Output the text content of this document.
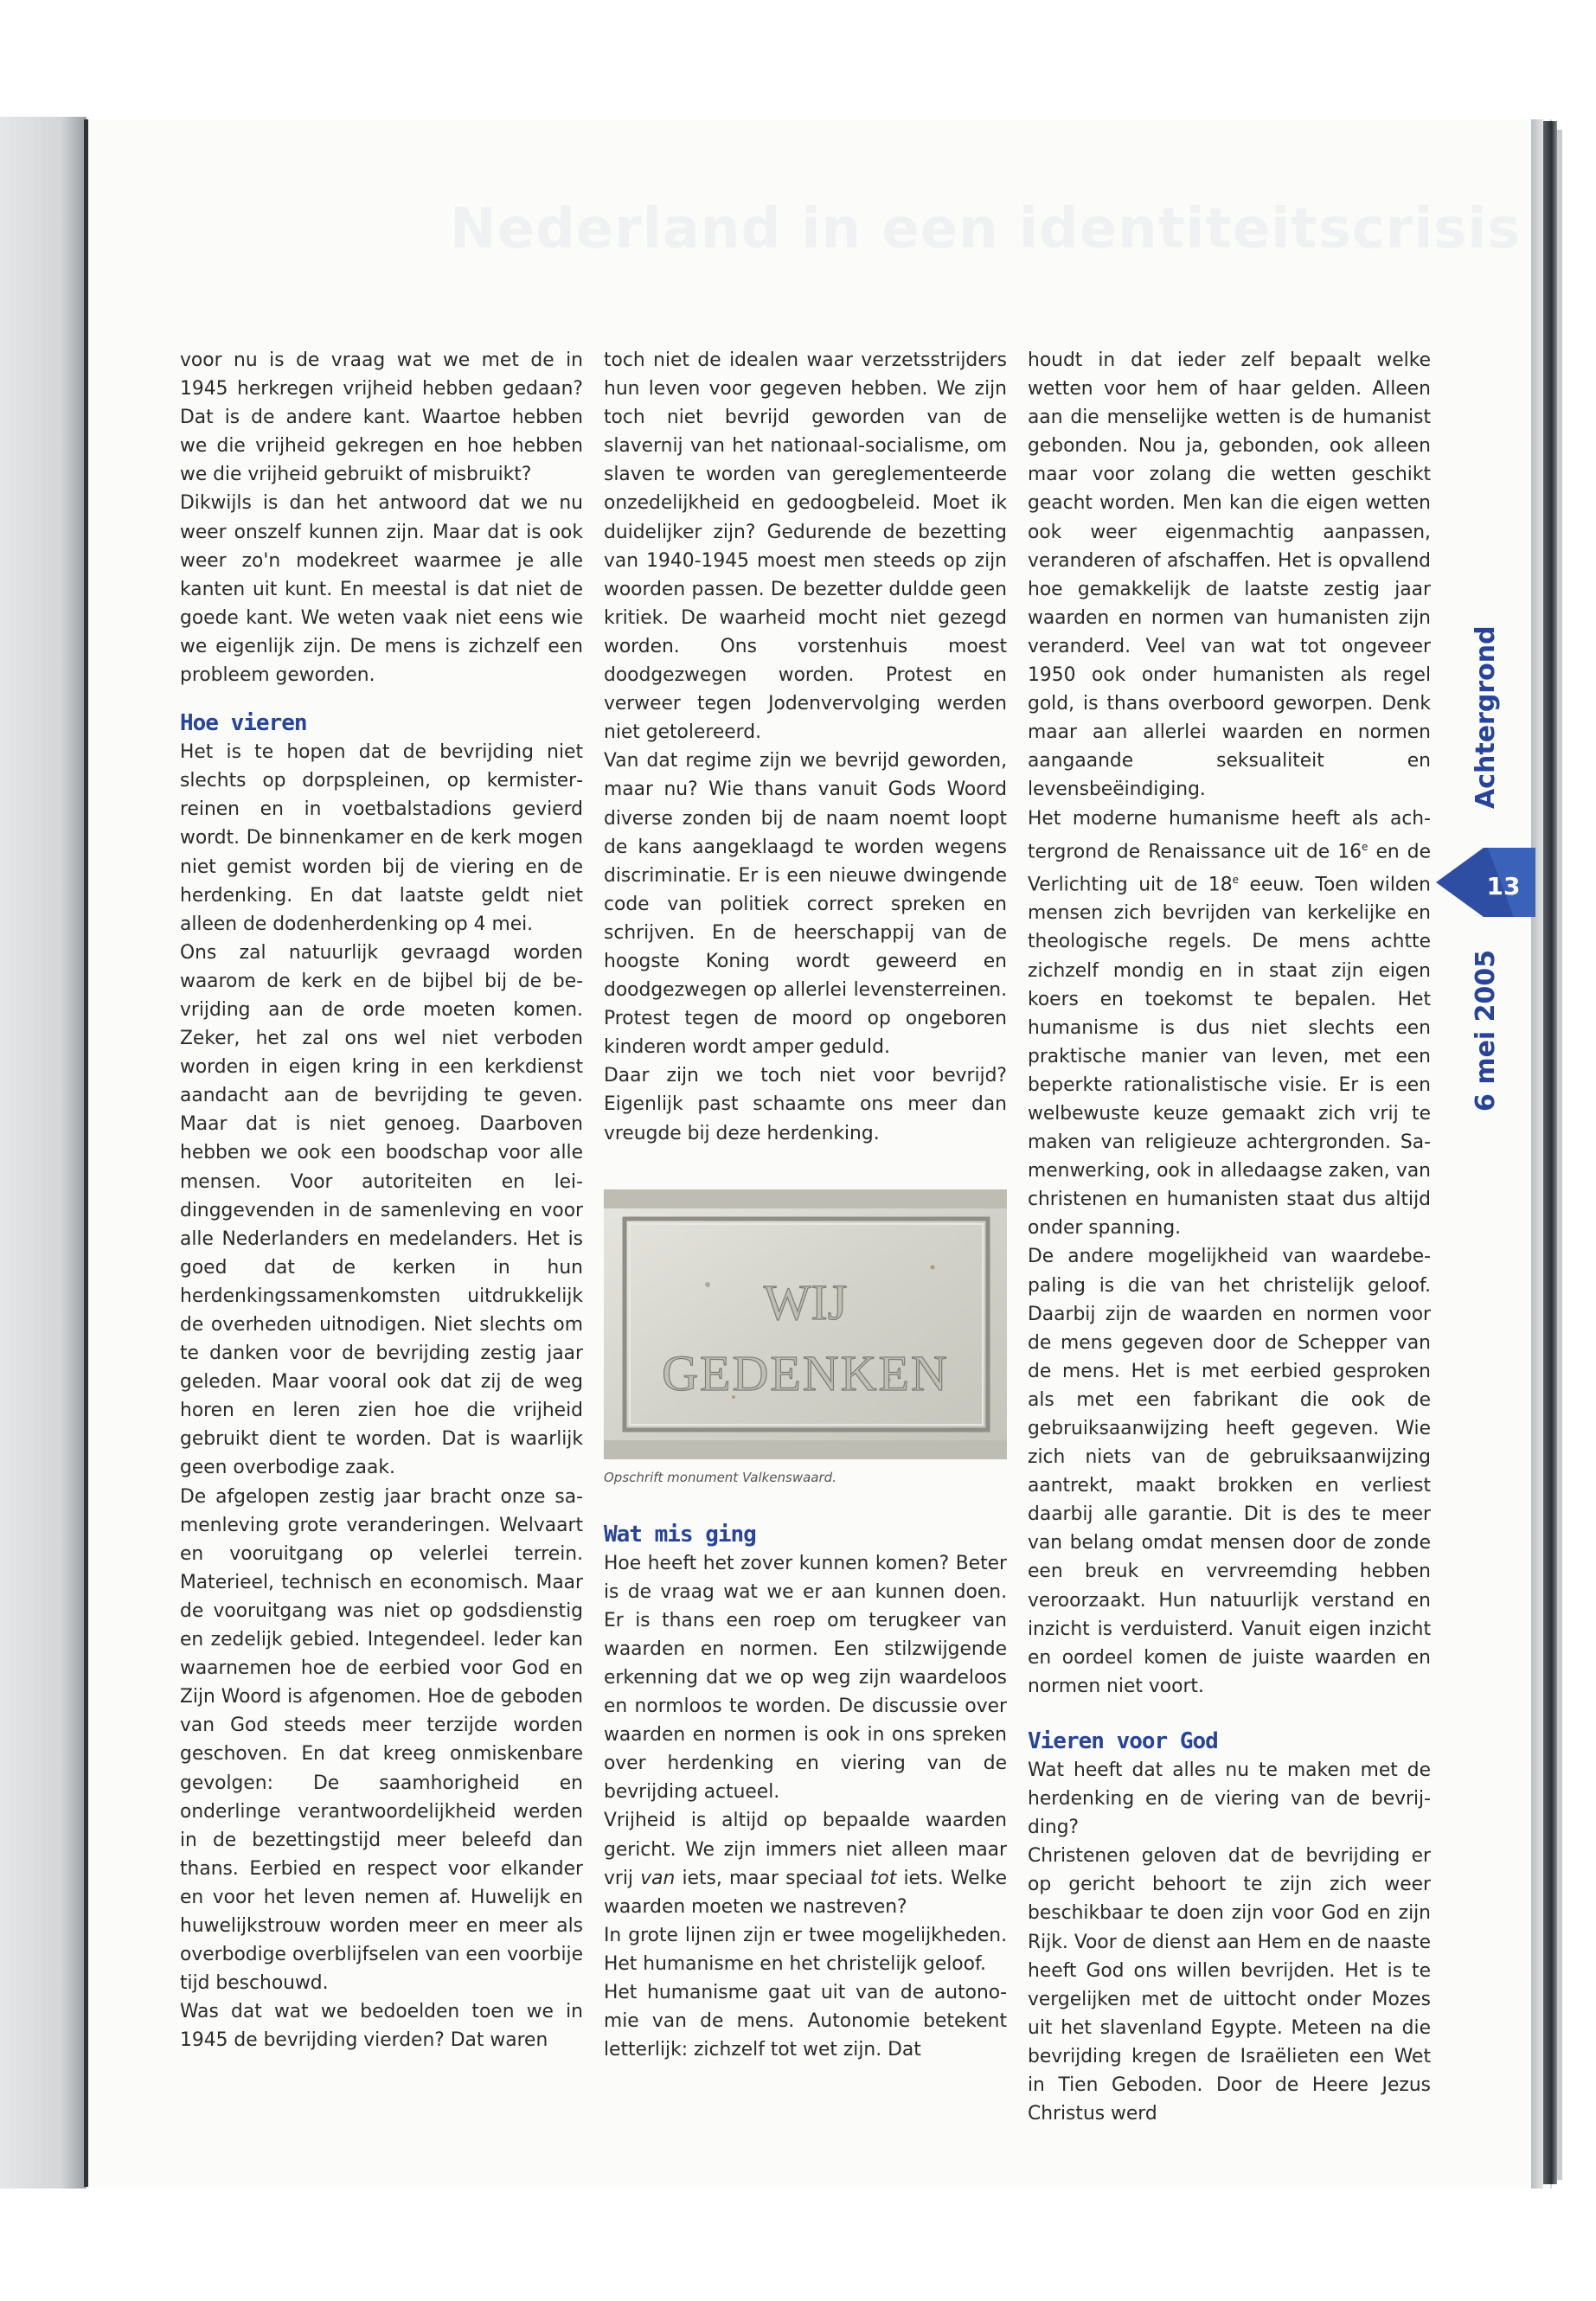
Nederland in een identiteitscrisis

voor nu is de vraag wat we met de in 1945 herkregen vrijheid hebben gedaan? Dat is de andere kant. Waartoe hebben we die vrijheid gekregen en hoe hebben we die vrijheid gebruikt of misbruikt?

Dikwijls is dan het antwoord dat we nu weer onszelf kunnen zijn. Maar dat is ook weer zo'n modekreet waarmee je alle kanten uit kunt. En meestal is dat niet de goede kant. We weten vaak niet eens wie we eigenlijk zijn. De mens is zichzelf een probleem geworden.

Hoe vieren

Het is te hopen dat de bevrijding niet slechts op dorpspleinen, op kermisterreinen en in voetbalstadions gevierd wordt. De binnenkamer en de kerk mogen niet gemist worden bij de viering en de herdenking. En dat laatste geldt niet alleen de dodenherdenking op 4 mei.

Ons zal natuurlijk gevraagd worden waarom de kerk en de bijbel bij de bevrijding aan de orde moeten komen. Zeker, het zal ons wel niet verboden worden in eigen kring in een kerkdienst aandacht aan de bevrijding te geven. Maar dat is niet genoeg. Daarboven hebben we ook een boodschap voor alle mensen. Voor autoriteiten en leidinggevenden in de samenleving en voor alle Nederlanders en medelanders. Het is goed dat de kerken in hun herdenkingssamenkomsten uitdrukkelijk de overheden uitnodigen. Niet slechts om te danken voor de bevrijding zestig jaar geleden. Maar vooral ook dat zij de weg horen en leren zien hoe die vrijheid gebruikt dient te worden. Dat is waarlijk geen overbodige zaak.

De afgelopen zestig jaar bracht onze samenleving grote veranderingen. Welvaart en vooruitgang op velerlei terrein. Materieel, technisch en economisch. Maar de vooruitgang was niet op godsdienstig en zedelijk gebied. Integendeel. Ieder kan waarnemen hoe de eerbied voor God en Zijn Woord is afgenomen. Hoe de geboden van God steeds meer terzijde worden geschoven. En dat kreeg onmiskenbare gevolgen: De saamhorigheid en onderlinge verantwoordelijkheid werden in de bezettingstijd meer beleefd dan thans. Eerbied en respect voor elkander en voor het leven nemen af. Huwelijk en huwelijkstrouw worden meer en meer als overbodige overblijfselen van een voorbije tijd beschouwd.

Was dat wat we bedoelden toen we in 1945 de bevrijding vierden? Dat waren

toch niet de idealen waar verzetsstrijders hun leven voor gegeven hebben. We zijn toch niet bevrijd geworden van de slavernij van het nationaal-socialisme, om slaven te worden van gereglementeerde onzedelijkheid en gedoogbeleid. Moet ik duidelijker zijn? Gedurende de bezetting van 1940-1945 moest men steeds op zijn woorden passen. De bezetter duldde geen kritiek. De waarheid mocht niet gezegd worden. Ons vorstenhuis moest doodgezwegen worden. Protest en verweer tegen Jodenvervolging werden niet getolereerd.

Van dat regime zijn we bevrijd geworden, maar nu? Wie thans vanuit Gods Woord diverse zonden bij de naam noemt loopt de kans aangeklaagd te worden wegens discriminatie. Er is een nieuwe dwingende code van politiek correct spreken en schrijven. En de heerschappij van de hoogste Koning wordt geweerd en doodgezwegen op allerlei levensterreinen. Protest tegen de moord op ongeboren kinderen wordt amper geduld.

Daar zijn we toch niet voor bevrijd? Eigenlijk past schaamte ons meer dan vreugde bij deze herdenking.

WIJ
GEDENKEN
Opschrift monument Valkenswaard.
Wat mis ging

Hoe heeft het zover kunnen komen? Beter is de vraag wat we er aan kunnen doen. Er is thans een roep om terugkeer van waarden en normen. Een stilzwijgende erkenning dat we op weg zijn waardeloos en normloos te worden. De discussie over waarden en normen is ook in ons spreken over herdenking en viering van de bevrijding actueel.

Vrijheid is altijd op bepaalde waarden gericht. We zijn immers niet alleen maar vrij van iets, maar speciaal tot iets. Welke waarden moeten we nastreven?

In grote lijnen zijn er twee mogelijkheden. Het humanisme en het christelijk geloof.

Het humanisme gaat uit van de autonomie van de mens. Autonomie betekent letterlijk: zichzelf tot wet zijn. Dat

houdt in dat ieder zelf bepaalt welke wetten voor hem of haar gelden. Alleen aan die menselijke wetten is de humanist gebonden. Nou ja, gebonden, ook alleen maar voor zolang die wetten geschikt geacht worden. Men kan die eigen wetten ook weer eigenmachtig aanpassen, veranderen of afschaffen. Het is opvallend hoe gemakkelijk de laatste zestig jaar waarden en normen van humanisten zijn veranderd. Veel van wat tot ongeveer 1950 ook onder humanisten als regel gold, is thans overboord geworpen. Denk maar aan allerlei waarden en normen aangaande seksualiteit en levensbeëindiging.

Het moderne humanisme heeft als achtergrond de Renaissance uit de 16e en de Verlichting uit de 18e eeuw. Toen wilden mensen zich bevrijden van kerkelijke en theologische regels. De mens achtte zichzelf mondig en in staat zijn eigen koers en toekomst te bepalen. Het humanisme is dus niet slechts een praktische manier van leven, met een beperkte rationalistische visie. Er is een welbewuste keuze gemaakt zich vrij te maken van religieuze achtergronden. Samenwerking, ook in alledaagse zaken, van christenen en humanisten staat dus altijd onder spanning.

De andere mogelijkheid van waardebepaling is die van het christelijk geloof. Daarbij zijn de waarden en normen voor de mens gegeven door de Schepper van de mens. Het is met eerbied gesproken als met een fabrikant die ook de gebruiksaanwijzing heeft gegeven. Wie zich niets van de gebruiksaanwijzing aantrekt, maakt brokken en verliest daarbij alle garantie. Dit is des te meer van belang omdat mensen door de zonde een breuk en vervreemding hebben veroorzaakt. Hun natuurlijk verstand en inzicht is verduisterd. Vanuit eigen inzicht en oordeel komen de juiste waarden en normen niet voort.

Vieren voor God

Wat heeft dat alles nu te maken met de herdenking en de viering van de bevrijding?

Christenen geloven dat de bevrijding er op gericht behoort te zijn zich weer beschikbaar te doen zijn voor God en zijn Rijk. Voor de dienst aan Hem en de naaste heeft God ons willen bevrijden. Het is te vergelijken met de uittocht onder Mozes uit het slavenland Egypte. Meteen na die bevrijding kregen de Israëlieten een Wet in Tien Geboden. Door de Heere Jezus Christus werd

Achtergrond
13
6 mei 2005
